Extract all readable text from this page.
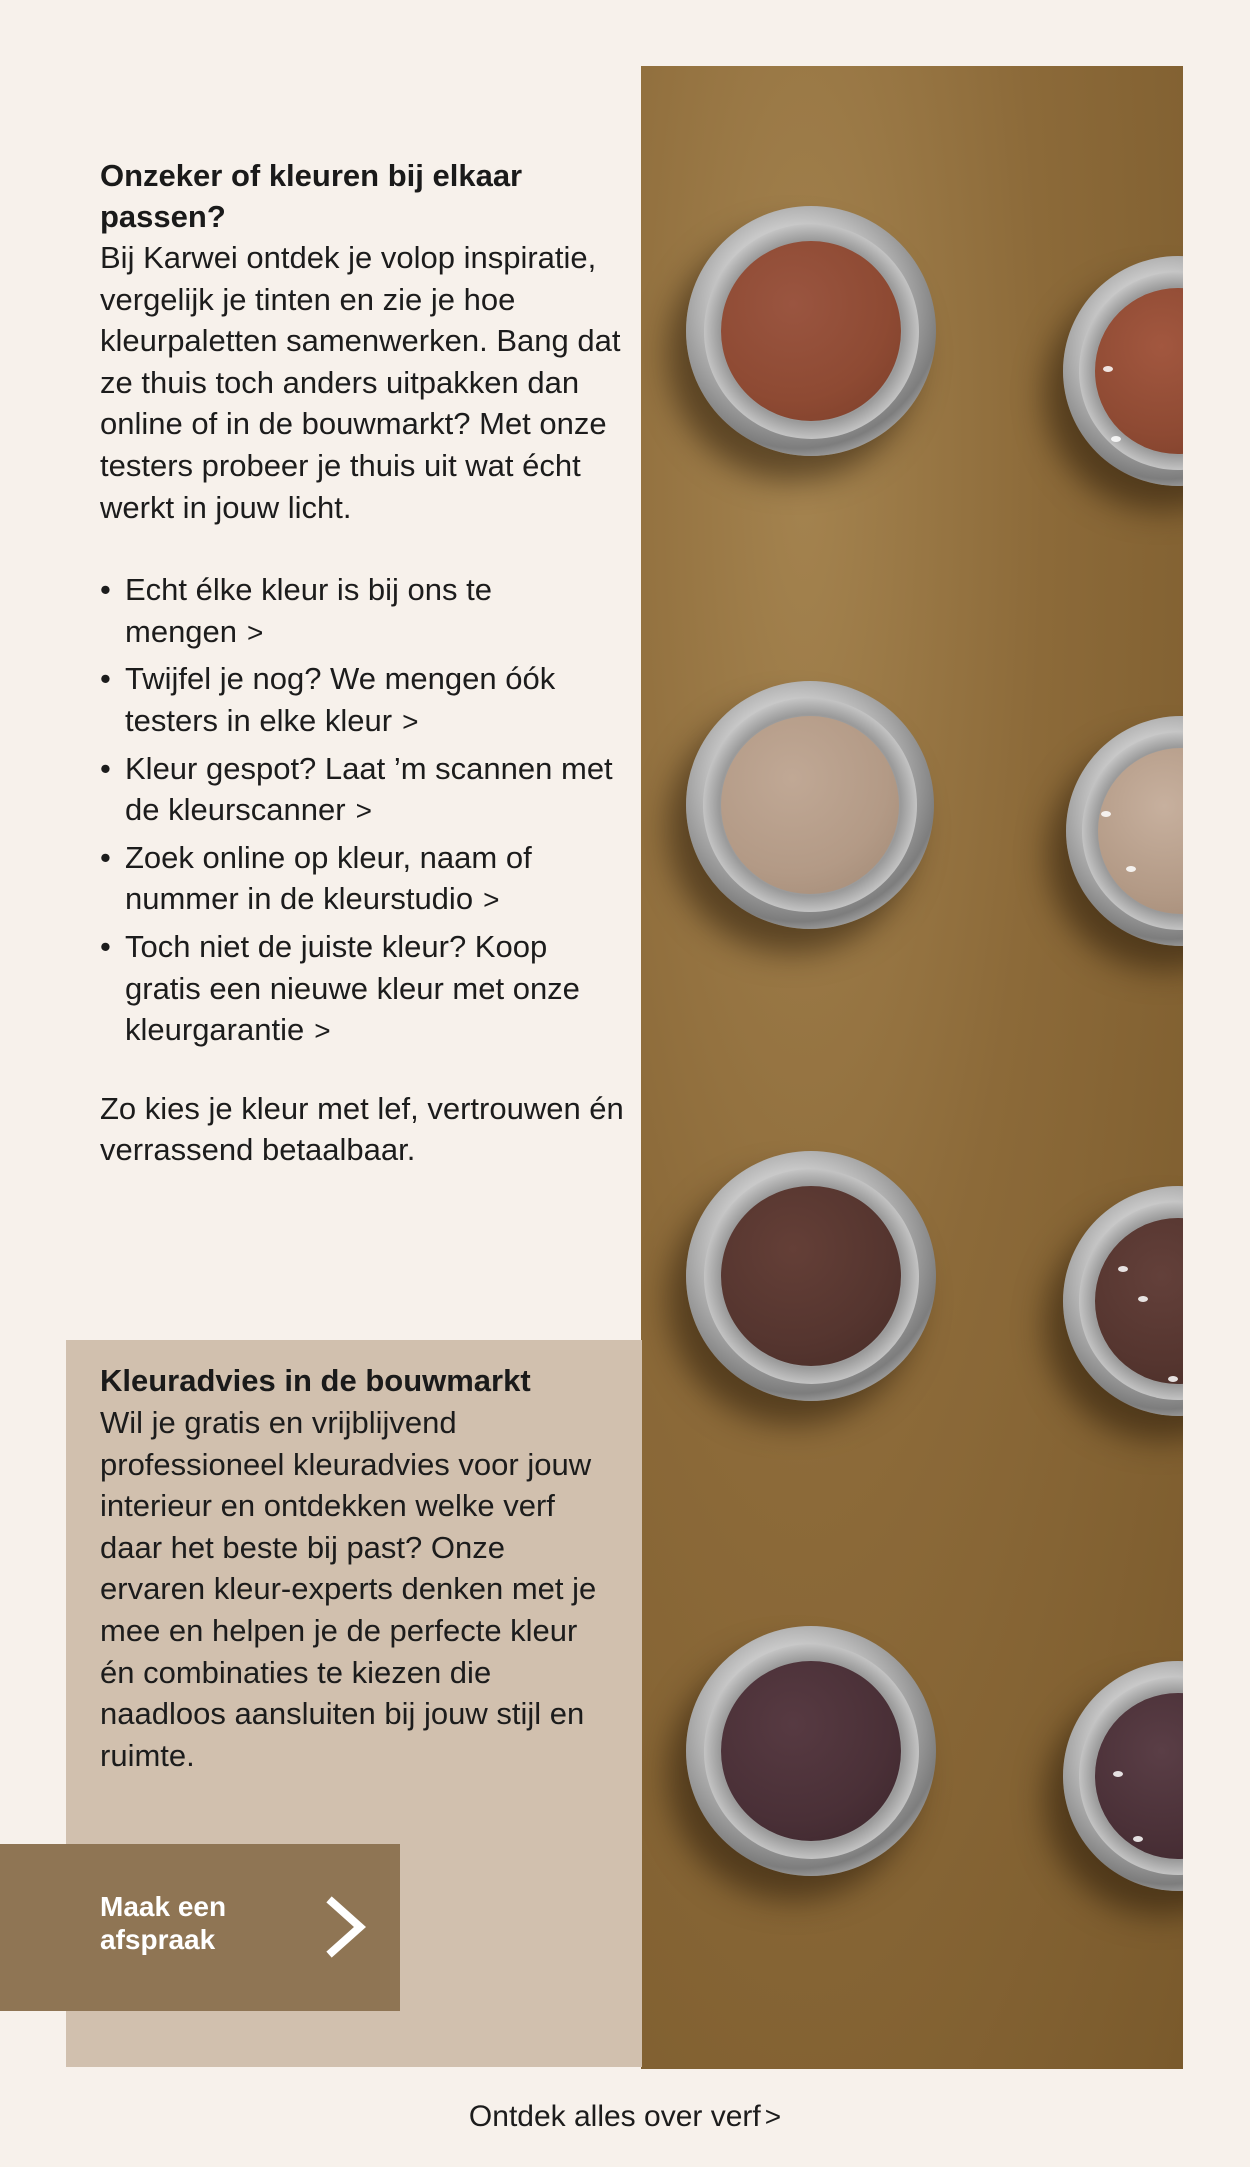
Onzeker of kleuren bij elkaar passen?

Bij Karwei ontdek je volop inspiratie, vergelijk je tinten en zie je hoe kleurpaletten samenwerken. Bang dat ze thuis toch anders uitpakken dan online of in de bouwmarkt? Met onze testers probeer je thuis uit wat écht werkt in jouw licht.

• Echt élke kleur is bij ons te mengen >
• Twijfel je nog? We mengen óók testers in elke kleur >
• Kleur gespot? Laat ’m scannen met de kleurscanner >
• Zoek online op kleur, naam of nummer in de kleurstudio >
• Toch niet de juiste kleur? Koop gratis een nieuwe kleur met onze kleurgarantie >

Zo kies je kleur met lef, vertrouwen én verrassend betaalbaar.

Kleuradvies in de bouwmarkt

Wil je gratis en vrijblijvend professioneel kleuradvies voor jouw interieur en ontdekken welke verf daar het beste bij past? Onze ervaren kleur-experts denken met je mee en helpen je de perfecte kleur én combinaties te kiezen die naadloos aansluiten bij jouw stijl en ruimte.

Maak een afspraak
Ontdek alles over verf >
